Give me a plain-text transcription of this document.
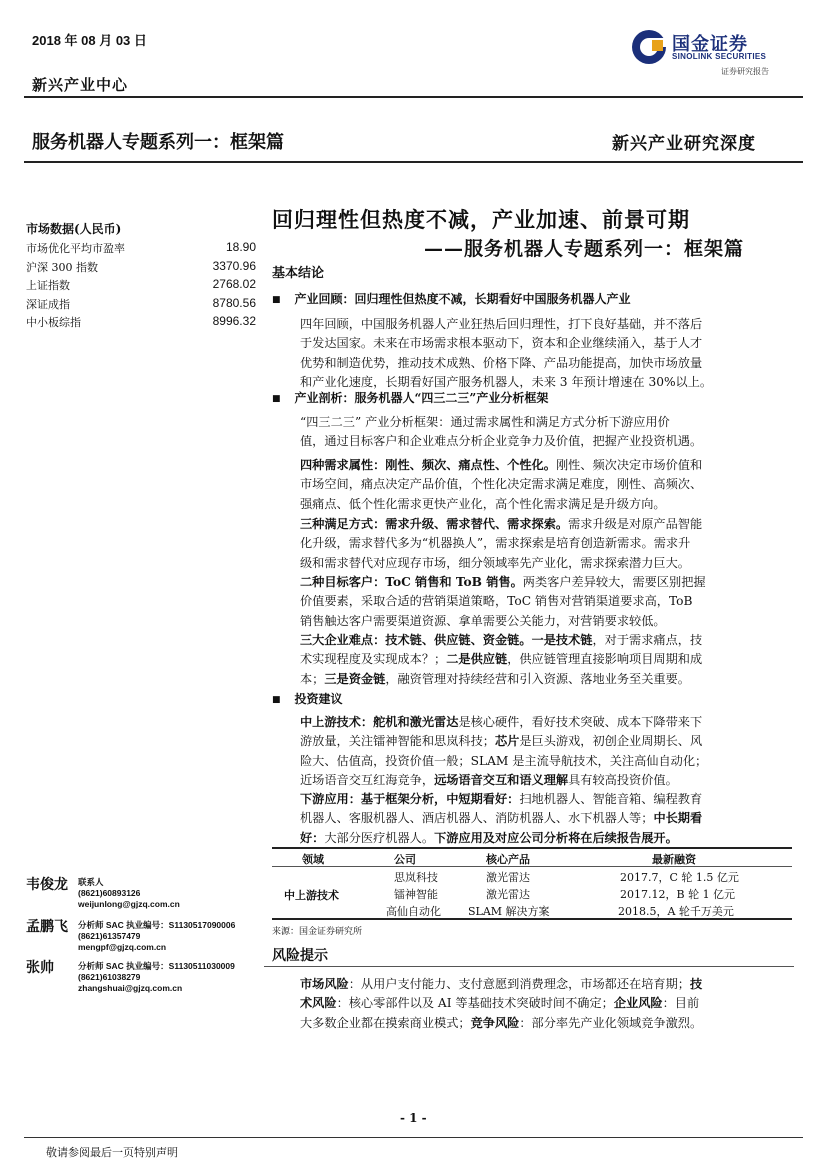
2018 年 08 月 03 日
新兴产业中心
国金证券
SINOLINK SECURITIES
证券研究报告
服务机器人专题系列一：框架篇	新兴产业研究深度
市场数据(人民币)
市场优化平均市盈率	18.90
沪深 300 指数	3370.96
上证指数	2768.02
深证成指	8780.56
中小板综指	8996.32
回归理性但热度不减，产业加速、前景可期
——服务机器人专题系列一：框架篇
基本结论
■ 产业回顾：回归理性但热度不减，长期看好中国服务机器人产业
四年回顾，中国服务机器人产业狂热后回归理性，打下良好基础，并不落后
于发达国家。未来在市场需求根本驱动下，资本和企业继续涌入，基于人才
优势和制造优势，推动技术成熟、价格下降、产品功能提高，加快市场放量
和产业化速度，长期看好国产服务机器人，未来 3 年预计增速在 30%以上。
■ 产业剖析：服务机器人“四三二三”产业分析框架
“四三二三” 产业分析框架：通过需求属性和满足方式分析下游应用价
值，通过目标客户和企业难点分析企业竞争力及价值，把握产业投资机遇。
四种需求属性：刚性、频次、痛点性、个性化。刚性、频次决定市场价值和
市场空间，痛点决定产品价值，个性化决定需求满足难度，刚性、高频次、
强痛点、低个性化需求更快产业化，高个性化需求满足是升级方向。
三种满足方式：需求升级、需求替代、需求探索。需求升级是对原产品智能
化升级，需求替代多为“机器换人”，需求探索是培育创造新需求。需求升
级和需求替代对应现存市场，细分领域率先产业化，需求探索潜力巨大。
二种目标客户：ToC 销售和 ToB 销售。两类客户差异较大，需要区别把握
价值要素，采取合适的营销渠道策略，ToC 销售对营销渠道要求高，ToB
销售触达客户需要渠道资源、拿单需要公关能力，对营销要求较低。
三大企业难点：技术链、供应链、资金链。一是技术链，对于需求痛点，技
术实现程度及实现成本？；二是供应链，供应链管理直接影响项目周期和成
本；三是资金链，融资管理对持续经营和引入资源、落地业务至关重要。
■ 投资建议
中上游技术：舵机和激光雷达是核心硬件，看好技术突破、成本下降带来下
游放量，关注镭神智能和思岚科技；芯片是巨头游戏，初创企业周期长、风
险大、估值高，投资价值一般；SLAM 是主流导航技术，关注高仙自动化；
近场语音交互红海竞争，远场语音交互和语义理解具有较高投资价值。
下游应用：基于框架分析，中短期看好：扫地机器人、智能音箱、编程教育
机器人、客服机器人、酒店机器人、消防机器人、水下机器人等；中长期看
好：大部分医疗机器人。下游应用及对应公司分析将在后续报告展开。
领域	公司	核心产品	最新融资
中上游技术
思岚科技	激光雷达	2017.7，C 轮 1.5 亿元
镭神智能	激光雷达	2017.12，B 轮 1 亿元
高仙自动化 SLAM 解决方案	2018.5，A 轮千万美元
来源：国金证券研究所
韦俊龙 联系人
(8621)60893126
weijunlong@gjzq.com.cn
孟鹏飞 分析师 SAC 执业编号：S1130517090006
(8621)61357479
mengpf@gjzq.com.cn
张帅	分析师 SAC 执业编号：S1130511030009
(8621)61038279
zhangshuai@gjzq.com.cn
风险提示
市场风险：从用户支付能力、支付意愿到消费理念，市场都还在培育期；技
术风险：核心零部件以及 AI 等基础技术突破时间不确定；企业风险：目前
大多数企业都在摸索商业模式；竞争风险：部分率先产业化领域竞争激烈。
- 1 -
敬请参阅最后一页特别声明
